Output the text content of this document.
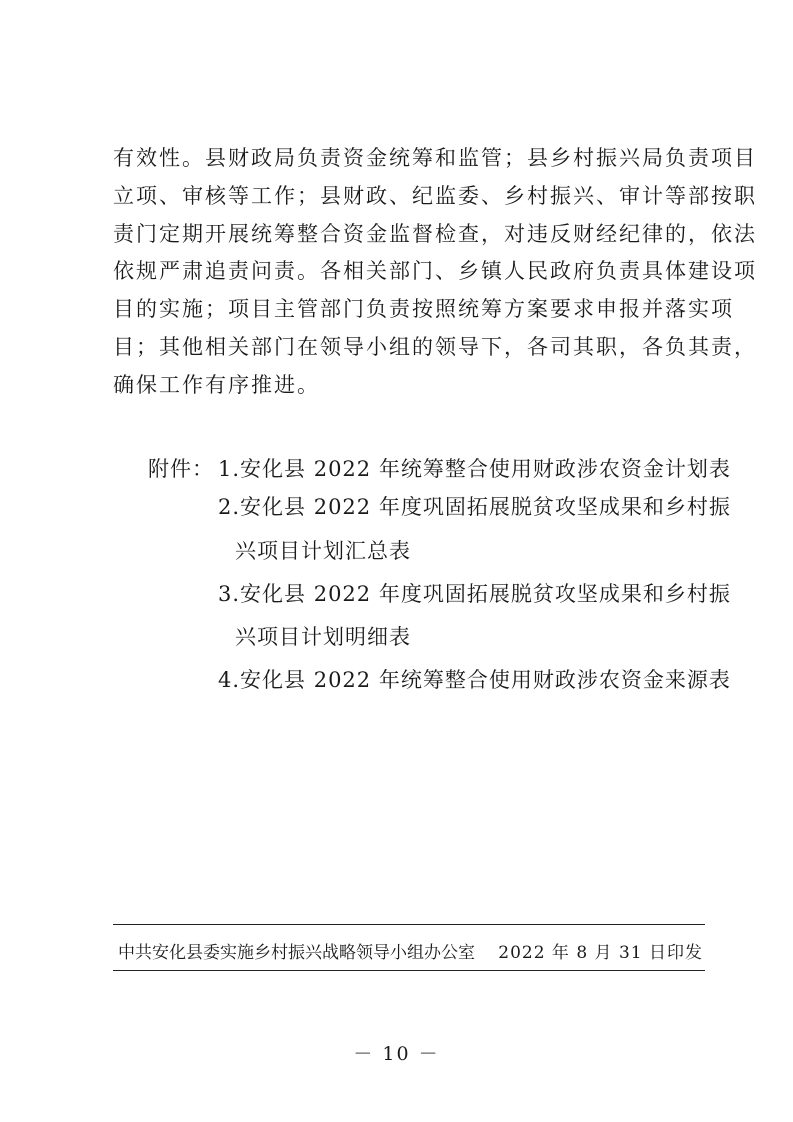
有效性。县财政局负责资金统筹和监管；县乡村振兴局负责项目
立项、审核等工作；县财政、纪监委、乡村振兴、审计等部按职
责门定期开展统筹整合资金监督检查，对违反财经纪律的，依法
依规严肃追责问责。各相关部门、乡镇人民政府负责具体建设项
目的实施；项目主管部门负责按照统筹方案要求申报并落实项
目；其他相关部门在领导小组的领导下，各司其职，各负其责，
确保工作有序推进。
附件： 1.安化县 2022 年统筹整合使用财政涉农资金计划表
2.安化县 2022 年度巩固拓展脱贫攻坚成果和乡村振
兴项目计划汇总表
3.安化县 2022 年度巩固拓展脱贫攻坚成果和乡村振
兴项目计划明细表
4.安化县 2022 年统筹整合使用财政涉农资金来源表
中共安化县委实施乡村振兴战略领导小组办公室 2022 年 8 月 31 日印发
－ 10 －
